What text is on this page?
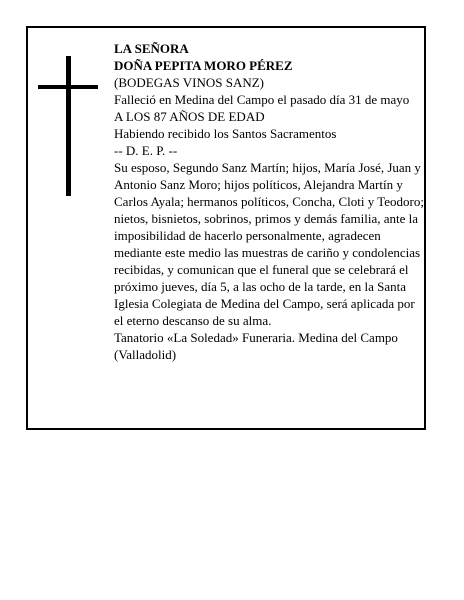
LA SEÑORA

DOÑA PEPITA MORO PÉREZ

(BODEGAS VINOS SANZ)

Falleció en Medina del Campo el pasado día 31 de mayo

A LOS 87 AÑOS DE EDAD

Habiendo recibido los Santos Sacramentos

-- D. E. P. --

Su esposo, Segundo Sanz Martín; hijos, María José, Juan y Antonio Sanz Moro; hijos políticos, Alejandra Martín y Carlos Ayala; hermanos políticos, Concha, Cloti y Teodoro; nietos, bisnietos, sobrinos, primos y demás familia, ante la imposibilidad de hacerlo personalmente, agradecen mediante este medio las muestras de cariño y condolencias recibidas, y comunican que el funeral que se celebrará el próximo jueves, día 5, a las ocho de la tarde, en la Santa Iglesia Colegiata de Medina del Campo, será aplicada por el eterno descanso de su alma.

Tanatorio «La Soledad» Funeraria. Medina del Campo (Valladolid)
